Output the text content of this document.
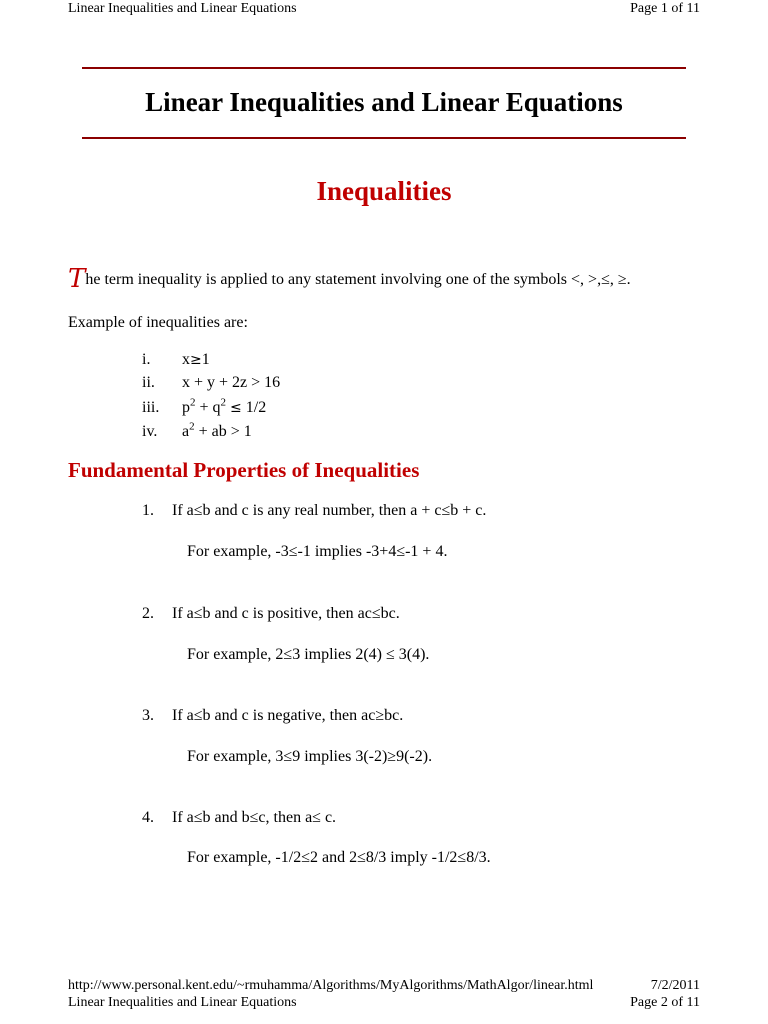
Linear Inequalities and Linear Equations	Page 1 of 11
Linear Inequalities and Linear Equations
Inequalities
The term inequality is applied to any statement involving one of the symbols <, >,≤, ≥.
Example of inequalities are:
i. x≥1
ii. x + y + 2z > 16
iii. $p^2 + q^2 \le 1/2$
iv. $a^2$ + ab > 1
Fundamental Properties of Inequalities
1. If a≤b and c is any real number, then a + c≤b + c.
For example, -3≤-1 implies -3+4≤-1 + 4.
2. If a≤b and c is positive, then ac≤bc.
For example, 2≤3 implies 2(4) ≤ 3(4).
3. If a≤b and c is negative, then ac≥bc.
For example, 3≤9 implies 3(-2)≥9(-2).
4. If a≤b and b≤c, then a≤ c.
For example, -1/2≤2 and 2≤8/3 imply -1/2≤8/3.
http://www.personal.kent.edu/~rmuhamma/Algorithms/MyAlgorithms/MathAlgor/linear.html	7/2/2011
Linear Inequalities and Linear Equations	Page 2 of 11
